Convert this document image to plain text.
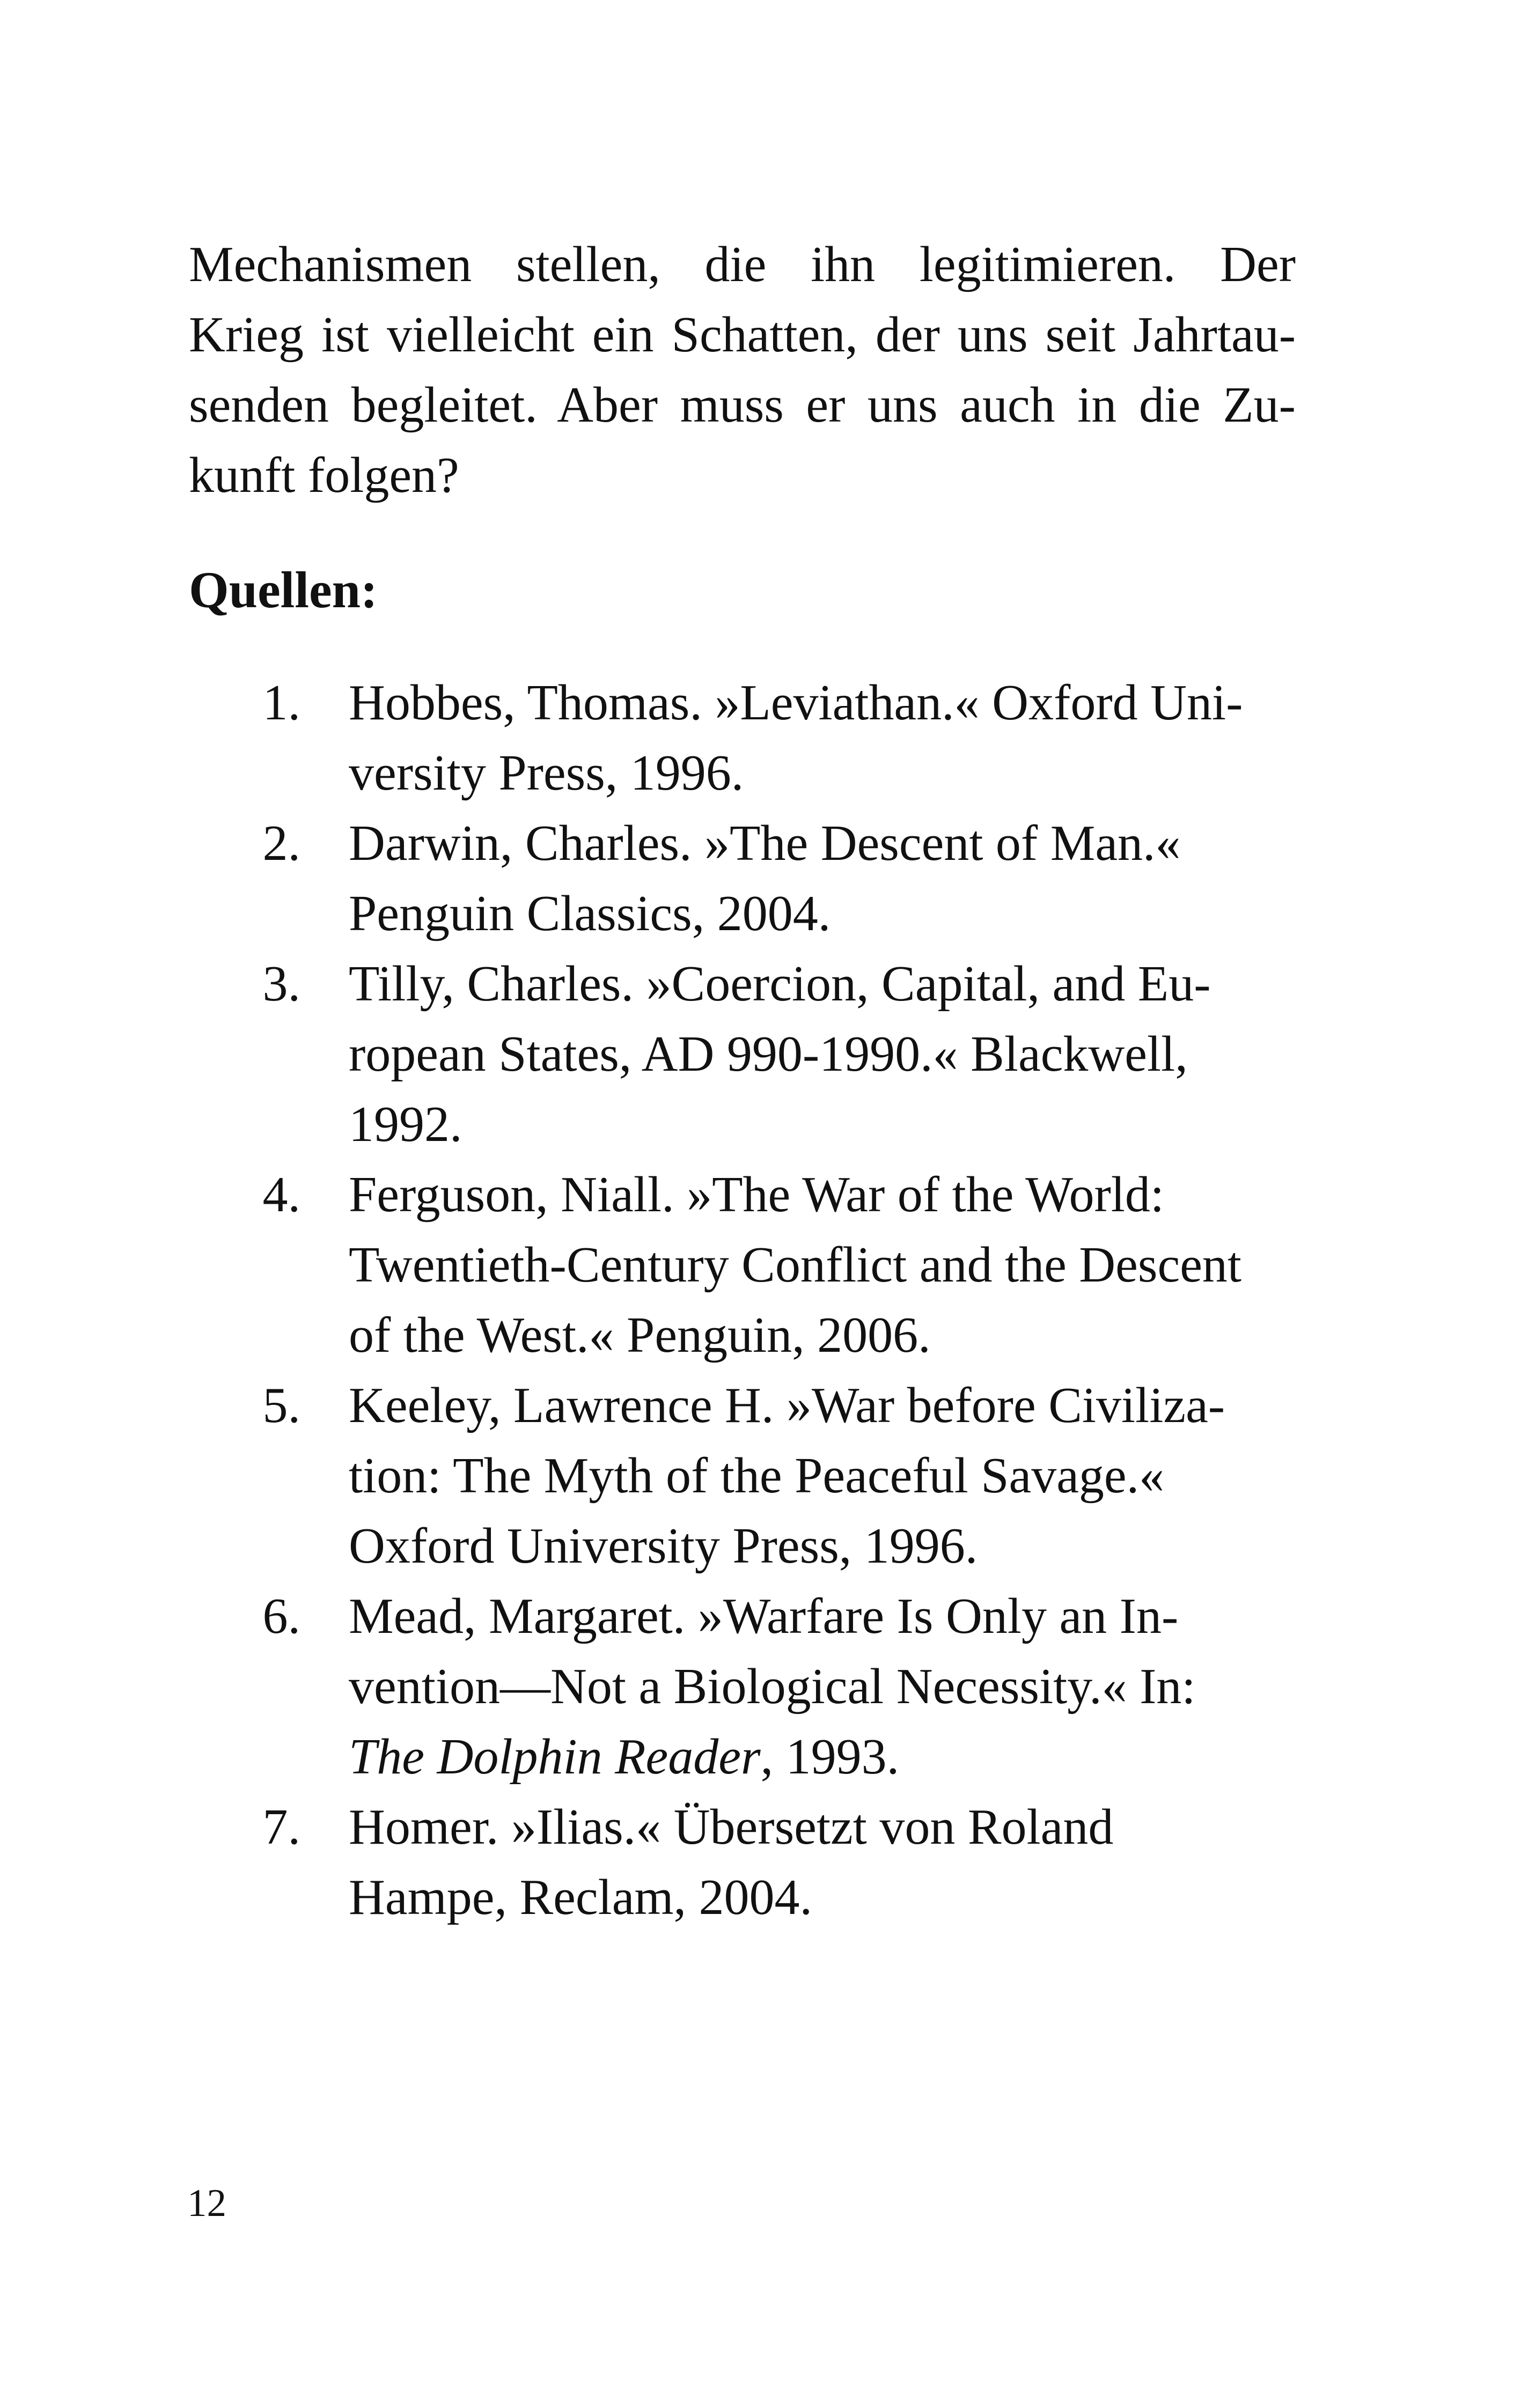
Mechanismen stellen, die ihn legitimieren. Der
Krieg ist vielleicht ein Schatten, der uns seit Jahrtau-
senden begleitet. Aber muss er uns auch in die Zu-
kunft folgen?
Quellen:
1. Hobbes, Thomas. »Leviathan.« Oxford Uni-
versity Press, 1996.
2. Darwin, Charles. »The Descent of Man.«
Penguin Classics, 2004.
3. Tilly, Charles. »Coercion, Capital, and Eu-
ropean States, AD 990-1990.« Blackwell,
1992.
4. Ferguson, Niall. »The War of the World:
Twentieth-Century Conflict and the Descent
of the West.« Penguin, 2006.
5. Keeley, Lawrence H. »War before Civiliza-
tion: The Myth of the Peaceful Savage.«
Oxford University Press, 1996.
6. Mead, Margaret. »Warfare Is Only an In-
vention—Not a Biological Necessity.« In:
The Dolphin Reader, 1993.
7. Homer. »Ilias.« Übersetzt von Roland
Hampe, Reclam, 2004.
12
